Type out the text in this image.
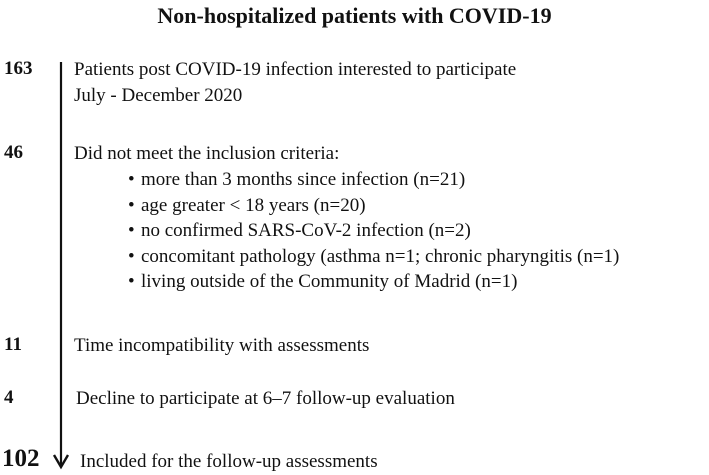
Non-hospitalized patients with COVID-19
163 Patients post COVID-19 infection interested to participate
July - December 2020
46	Did not meet the inclusion criteria:
• more than 3 months since infection (n=21)
• age greater < 18 years (n=20)
• no confirmed SARS-CoV-2 infection (n=2)
• concomitant pathology (asthma n=1; chronic pharyngitis (n=1)
• living outside of the Community of Madrid (n=1)
11	Time incompatibility with assessments
4	Decline to participate at 6–7 follow-up evaluation
102 Included for the follow-up assessments
